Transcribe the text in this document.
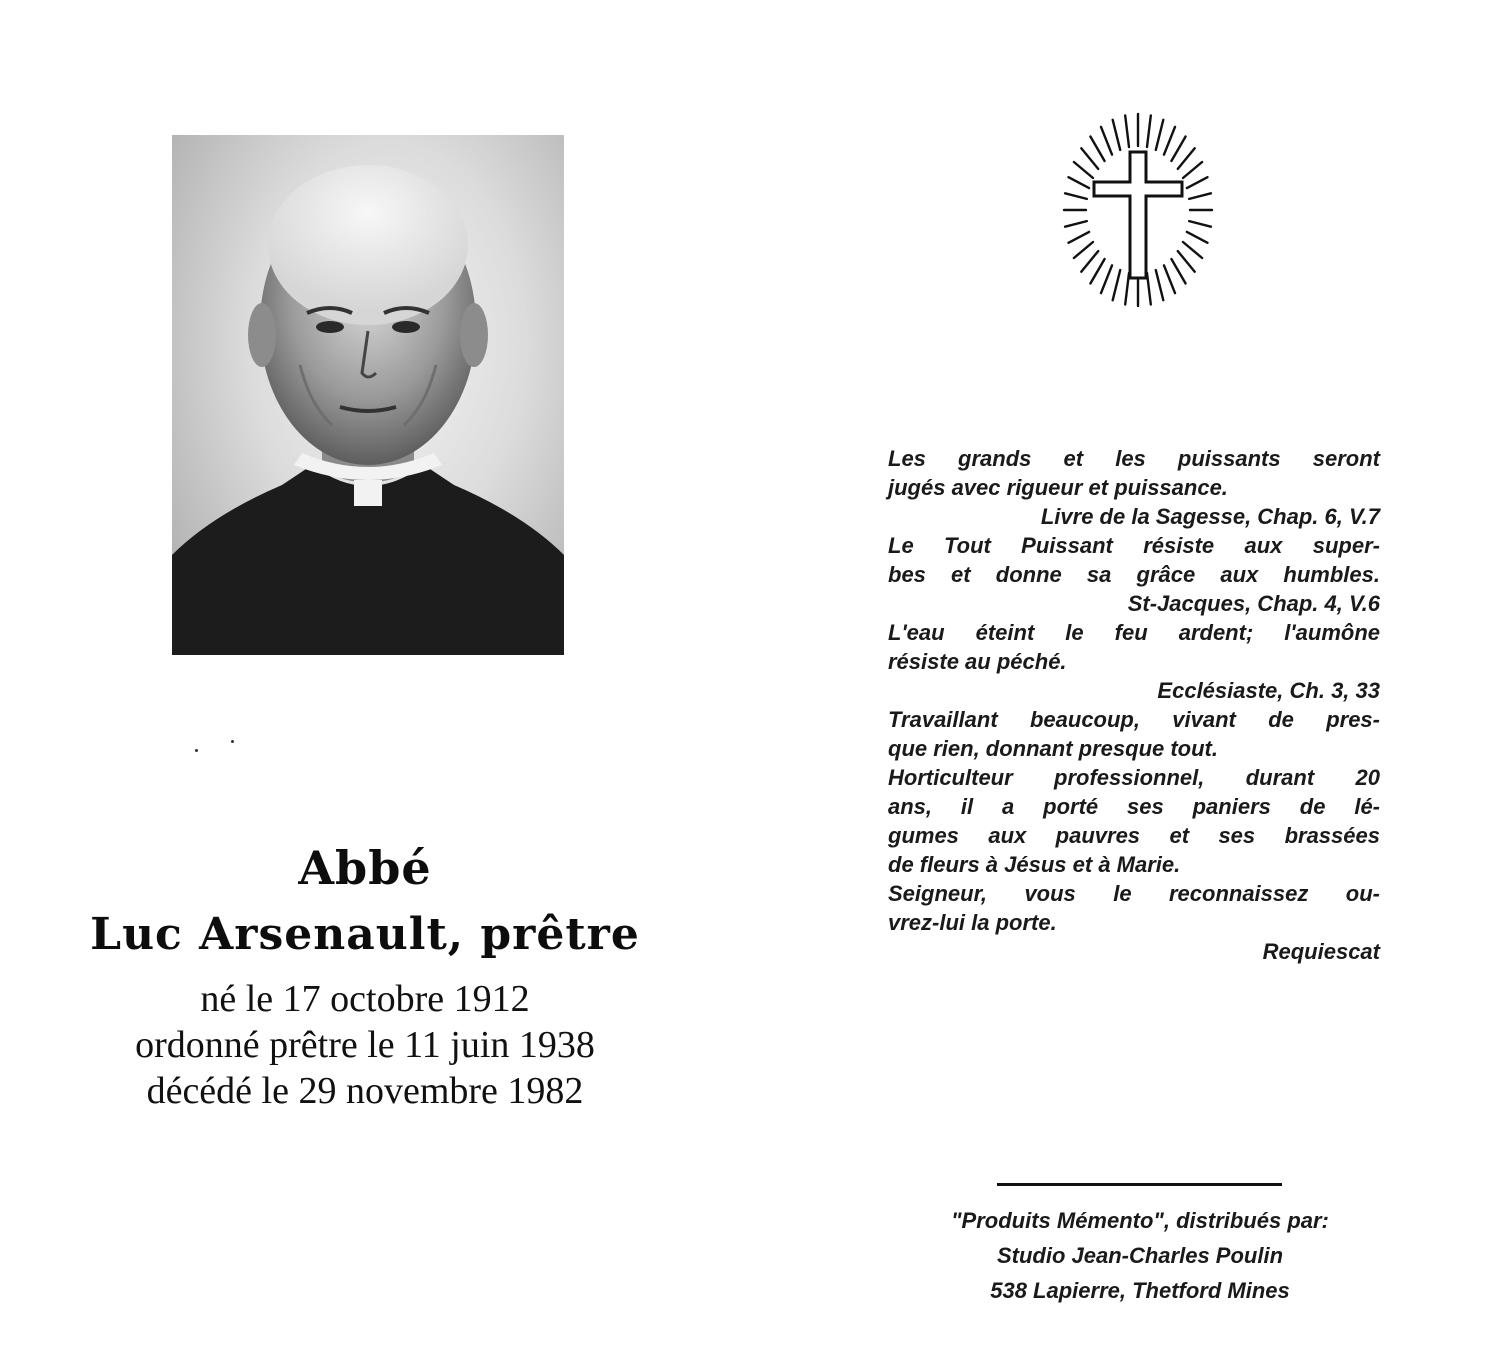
Abbé
Luc Arsenault, prêtre
né le 17 octobre 1912
ordonné prêtre le 11 juin 1938
décédé le 29 novembre 1982
Les grands et les puissants seront
jugés avec rigueur et puissance.
Livre de la Sagesse, Chap. 6, V.7
Le Tout Puissant résiste aux super-
bes et donne sa grâce aux humbles.
St-Jacques, Chap. 4, V.6
L'eau éteint le feu ardent; l'aumône
résiste au péché.
Ecclésiaste, Ch. 3, 33
Travaillant beaucoup, vivant de pres-
que rien, donnant presque tout.
Horticulteur professionnel, durant 20
ans, il a porté ses paniers de lé-
gumes aux pauvres et ses brassées
de fleurs à Jésus et à Marie.
Seigneur, vous le reconnaissez ou-
vrez-lui la porte.
Requiescat
"Produits Mémento", distribués par:
Studio Jean-Charles Poulin
538 Lapierre, Thetford Mines
